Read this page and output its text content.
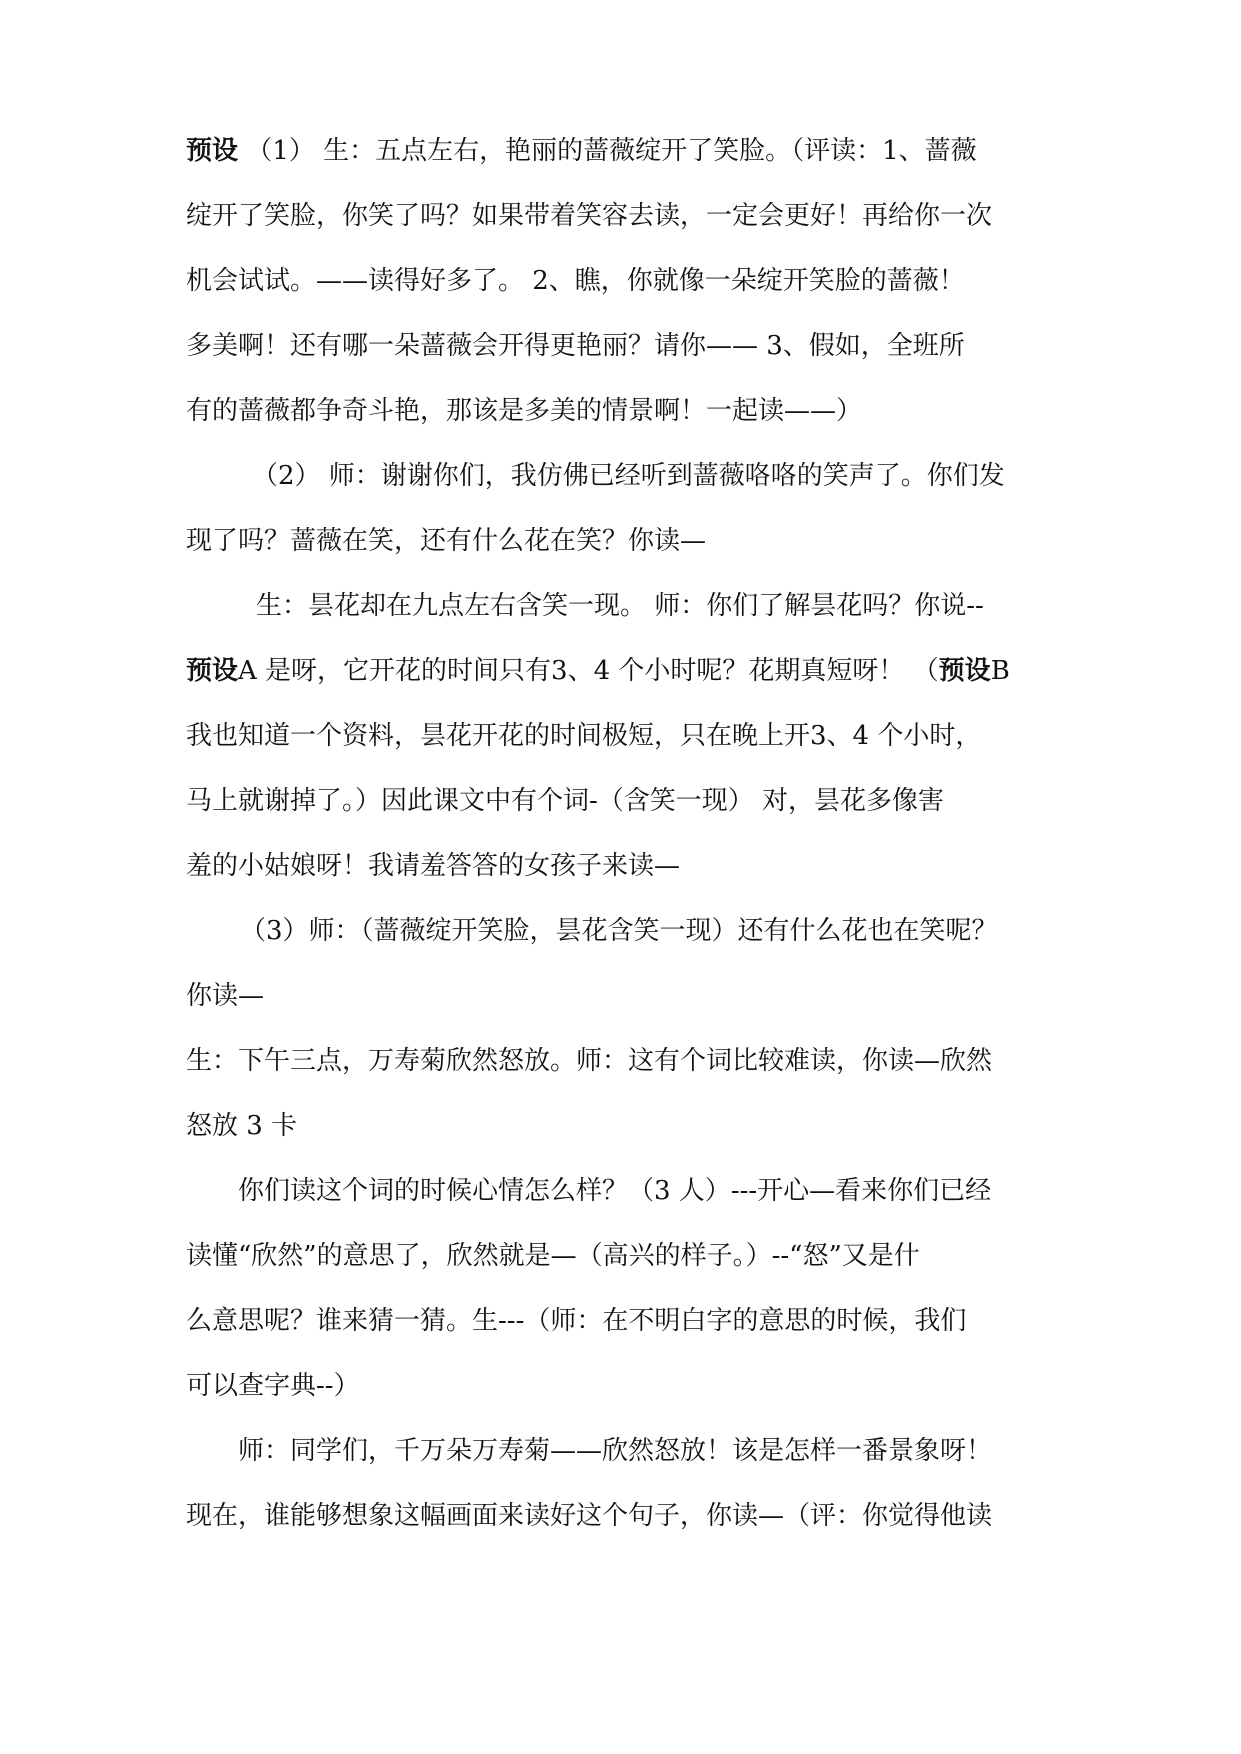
预设 （1） 生：五点左右，艳丽的蔷薇绽开了笑脸。（评读：1、蔷薇
绽开了笑脸，你笑了吗？如果带着笑容去读，一定会更好！再给你一次
机会试试。——读得好多了。 2、瞧，你就像一朵绽开笑脸的蔷薇！
多美啊！还有哪一朵蔷薇会开得更艳丽？请你—— 3、假如，全班所
有的蔷薇都争奇斗艳，那该是多美的情景啊！一起读——）
（2） 师：谢谢你们，我仿佛已经听到蔷薇咯咯的笑声了。你们发
现了吗？蔷薇在笑，还有什么花在笑？你读—
生：昙花却在九点左右含笑一现。 师：你们了解昙花吗？你说--
预设A 是呀，它开花的时间只有3、4 个小时呢？花期真短呀！ （预设B
我也知道一个资料，昙花开花的时间极短，只在晚上开3、4 个小时，
马上就谢掉了。）因此课文中有个词-（含笑一现） 对，昙花多像害
羞的小姑娘呀！我请羞答答的女孩子来读—
（3）师：（蔷薇绽开笑脸，昙花含笑一现）还有什么花也在笑呢？
你读—
生：下午三点，万寿菊欣然怒放。师：这有个词比较难读，你读—欣然
怒放 3 卡
你们读这个词的时候心情怎么样？（3 人）---开心—看来你们已经
读懂“欣然”的意思了，欣然就是—（高兴的样子。）--“怒”又是什
么意思呢？谁来猜一猜。生---（师：在不明白字的意思的时候，我们
可以查字典--）
师：同学们，千万朵万寿菊——欣然怒放！该是怎样一番景象呀！
现在，谁能够想象这幅画面来读好这个句子，你读—（评：你觉得他读
